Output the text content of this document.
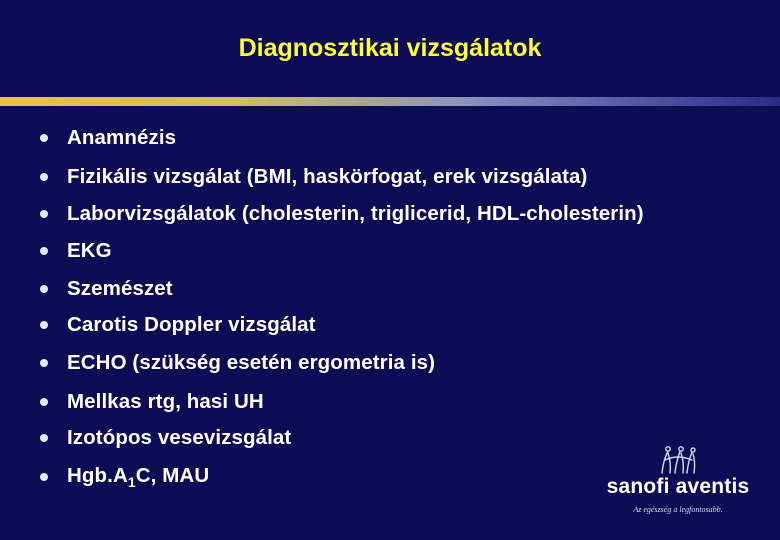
Diagnosztikai vizsgálatok
Anamnézis
Fizikális vizsgálat (BMI, haskörfogat, erek vizsgálata)
Laborvizsgálatok (cholesterin, triglicerid, HDL-cholesterin)
EKG
Szemészet
Carotis Doppler vizsgálat
ECHO (szükség esetén ergometria is)
Mellkas rtg, hasi UH
Izotópos vesevizsgálat
$Hgb.A_1C$, MAU	sanofi aventis
Az egészség a legfontosabb.
